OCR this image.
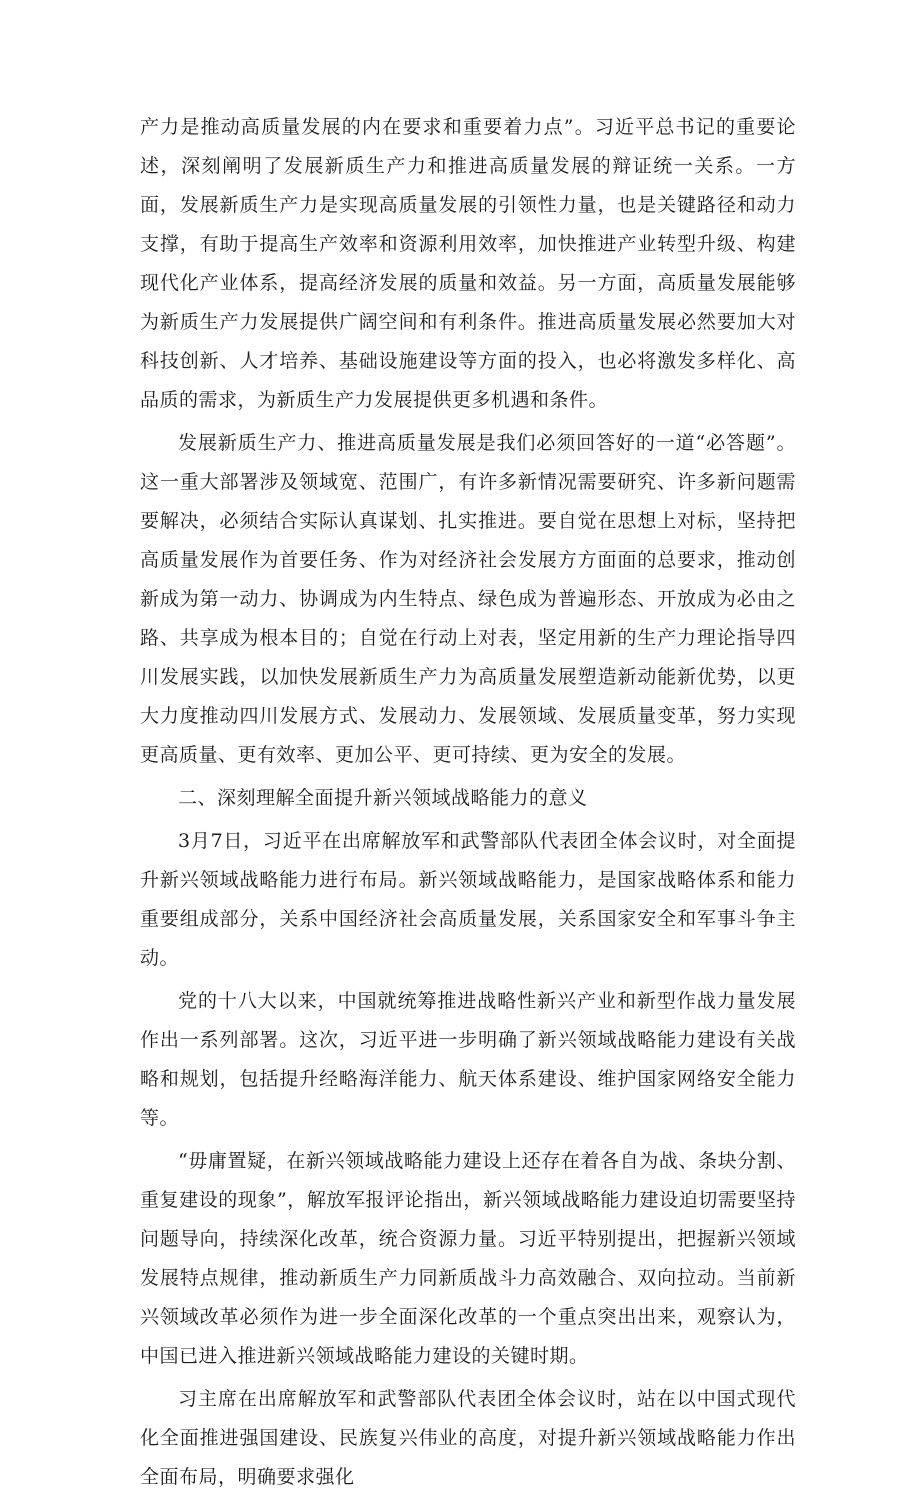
产力是推动高质量发展的内在要求和重要着力点”。习近平总书记的重要论述，深刻阐明了发展新质生产力和推进高质量发展的辩证统一关系。一方面，发展新质生产力是实现高质量发展的引领性力量，也是关键路径和动力支撑，有助于提高生产效率和资源利用效率，加快推进产业转型升级、构建现代化产业体系，提高经济发展的质量和效益。另一方面，高质量发展能够为新质生产力发展提供广阔空间和有利条件。推进高质量发展必然要加大对科技创新、人才培养、基础设施建设等方面的投入，也必将激发多样化、高品质的需求，为新质生产力发展提供更多机遇和条件。

发展新质生产力、推进高质量发展是我们必须回答好的一道“必答题”。这一重大部署涉及领域宽、范围广，有许多新情况需要研究、许多新问题需要解决，必须结合实际认真谋划、扎实推进。要自觉在思想上对标，坚持把高质量发展作为首要任务、作为对经济社会发展方方面面的总要求，推动创新成为第一动力、协调成为内生特点、绿色成为普遍形态、开放成为必由之路、共享成为根本目的；自觉在行动上对表，坚定用新的生产力理论指导四川发展实践，以加快发展新质生产力为高质量发展塑造新动能新优势，以更大力度推动四川发展方式、发展动力、发展领域、发展质量变革，努力实现更高质量、更有效率、更加公平、更可持续、更为安全的发展。

二、深刻理解全面提升新兴领域战略能力的意义

3月7日，习近平在出席解放军和武警部队代表团全体会议时，对全面提升新兴领域战略能力进行布局。新兴领域战略能力，是国家战略体系和能力重要组成部分，关系中国经济社会高质量发展，关系国家安全和军事斗争主动。

党的十八大以来，中国就统筹推进战略性新兴产业和新型作战力量发展作出一系列部署。这次，习近平进一步明确了新兴领域战略能力建设有关战略和规划，包括提升经略海洋能力、航天体系建设、维护国家网络安全能力等。

“毋庸置疑，在新兴领域战略能力建设上还存在着各自为战、条块分割、重复建设的现象”，解放军报评论指出，新兴领域战略能力建设迫切需要坚持问题导向，持续深化改革，统合资源力量。习近平特别提出，把握新兴领域发展特点规律，推动新质生产力同新质战斗力高效融合、双向拉动。当前新兴领域改革必须作为进一步全面深化改革的一个重点突出出来，观察认为，中国已进入推进新兴领域战略能力建设的关键时期。

习主席在出席解放军和武警部队代表团全体会议时，站在以中国式现代化全面推进强国建设、民族复兴伟业的高度，对提升新兴领域战略能力作出全面布局，明确要求强化
